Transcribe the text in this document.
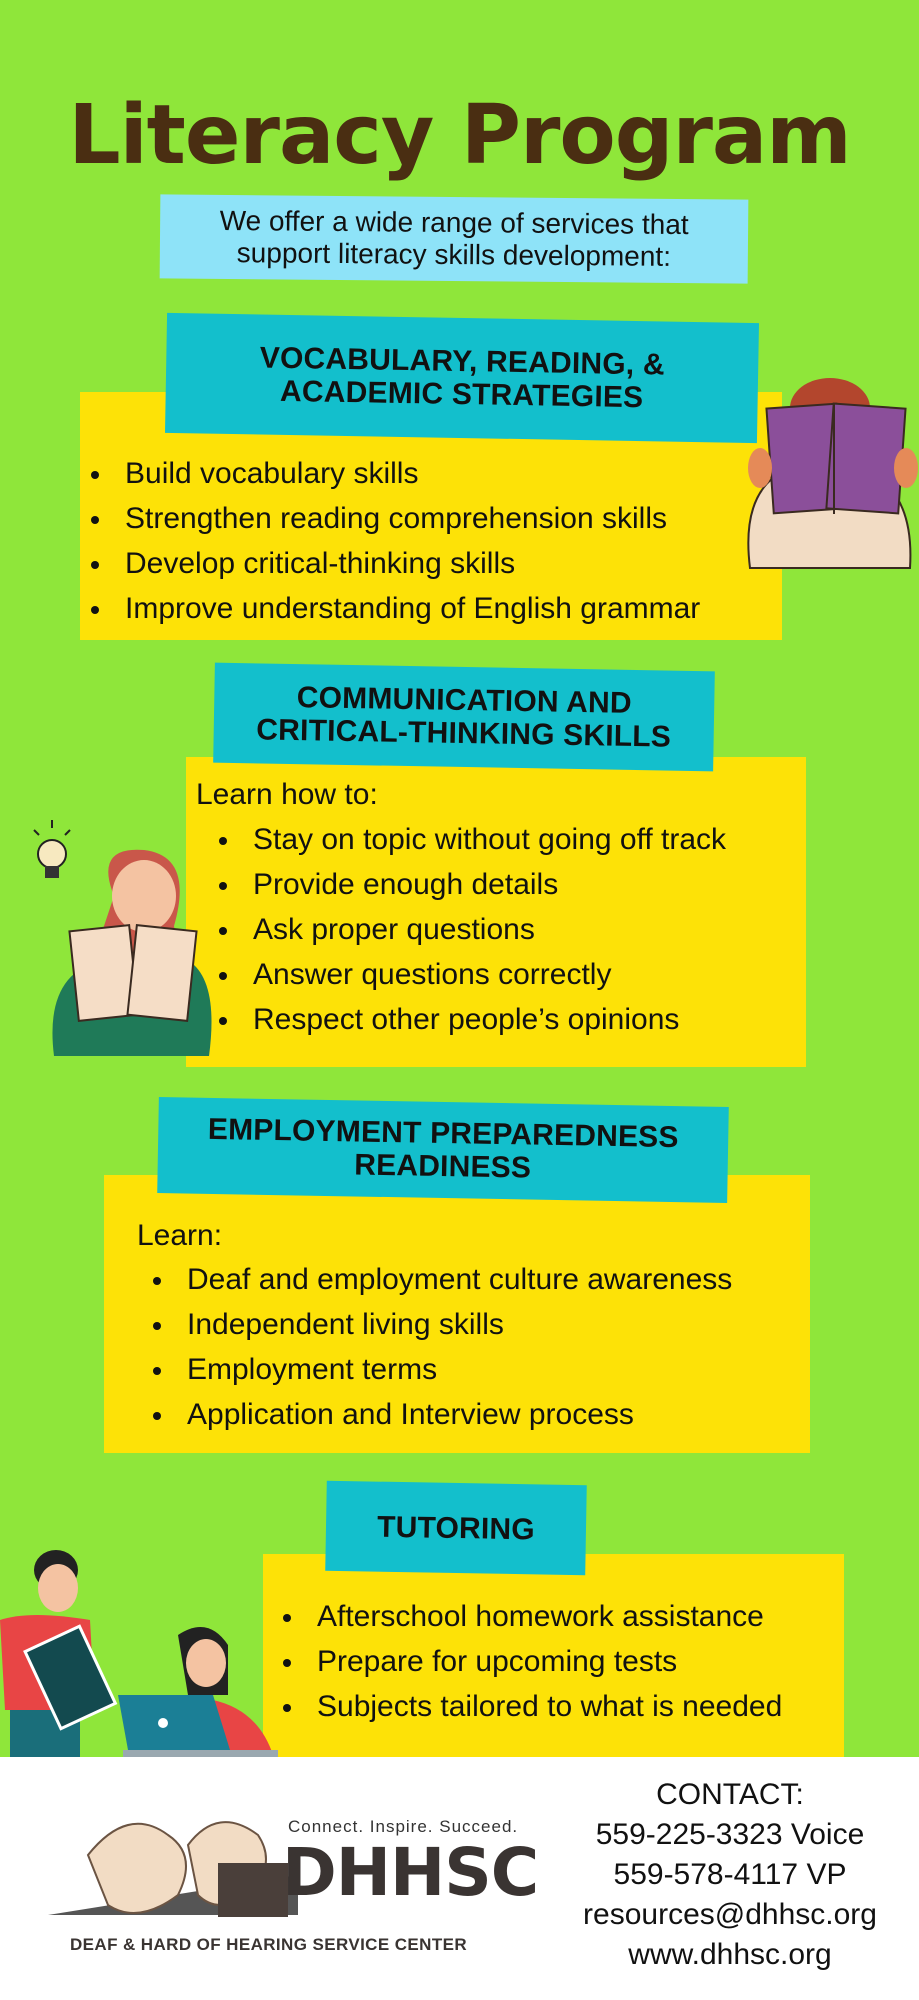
Literacy Program
We offer a wide range of services that support literacy skills development:
VOCABULARY, READING, & ACADEMIC STRATEGIES
Build vocabulary skills
Strengthen reading comprehension skills
Develop critical-thinking skills
Improve understanding of English grammar
COMMUNICATION AND CRITICAL-THINKING SKILLS
Learn how to:
Stay on topic without going off track
Provide enough details
Ask proper questions
Answer questions correctly
Respect other people’s opinions
EMPLOYMENT PREPAREDNESS READINESS
Learn:
Deaf and employment culture awareness
Independent living skills
Employment terms
Application and Interview process
TUTORING
Afterschool homework assistance
Prepare for upcoming tests
Subjects tailored to what is needed
Connect. Inspire. Succeed.
DHHSC
DEAF & HARD OF HEARING SERVICE CENTER
CONTACT:
559-225-3323 Voice
559-578-4117 VP
resources@dhhsc.org
www.dhhsc.org
